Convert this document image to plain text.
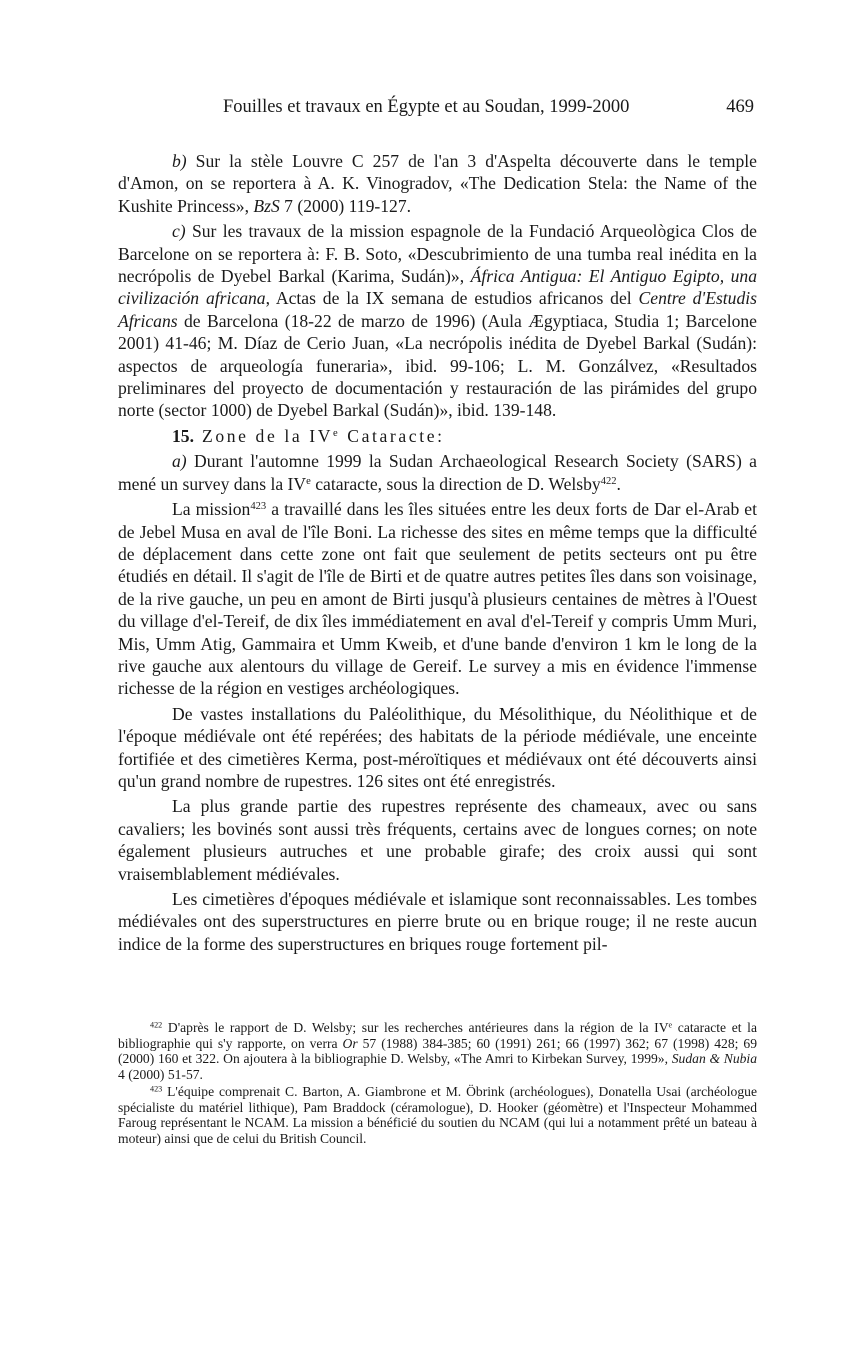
Fouilles et travaux en Égypte et au Soudan, 1999-2000	469

b) Sur la stèle Louvre C 257 de l'an 3 d'Aspelta découverte dans le temple d'Amon, on se reportera à A. K. Vinogradov, «The Dedication Stela: the Name of the Kushite Princess», BzS 7 (2000) 119-127.

c) Sur les travaux de la mission espagnole de la Fundació Arqueològica Clos de Barcelone on se reportera à: F. B. Soto, «Descubrimiento de una tumba real inédita en la necrópolis de Dyebel Barkal (Karima, Sudán)», África Antigua: El Antiguo Egipto, una civilización africana, Actas de la IX semana de estudios africanos del Centre d'Estudis Africans de Barcelona (18-22 de marzo de 1996) (Aula Ægyptiaca, Studia 1; Barcelone 2001) 41-46; M. Díaz de Cerio Juan, «La necrópolis inédita de Dyebel Barkal (Sudán): aspectos de arqueología funeraria», ibid. 99-106; L. M. Gonzálvez, «Resultados preliminares del proyecto de documentación y restauración de las pirámides del grupo norte (sector 1000) de Dyebel Barkal (Sudán)», ibid. 139-148.

15. Zone de la IVe Cataracte:

a) Durant l'automne 1999 la Sudan Archaeological Research Society (SARS) a mené un survey dans la IVe cataracte, sous la direction de D. Welsby$^{422}$.

La mission$^{423}$ a travaillé dans les îles situées entre les deux forts de Dar el-Arab et de Jebel Musa en aval de l'île Boni. La richesse des sites en même temps que la difficulté de déplacement dans cette zone ont fait que seulement de petits secteurs ont pu être étudiés en détail. Il s'agit de l'île de Birti et de quatre autres petites îles dans son voisinage, de la rive gauche, un peu en amont de Birti jusqu'à plusieurs centaines de mètres à l'Ouest du village d'el-Tereif, de dix îles immédiatement en aval d'el-Tereif y compris Umm Muri, Mis, Umm Atig, Gammaira et Umm Kweib, et d'une bande d'environ 1 km le long de la rive gauche aux alentours du village de Gereif. Le survey a mis en évidence l'immense richesse de la région en vestiges archéologiques.

De vastes installations du Paléolithique, du Mésolithique, du Néolithique et de l'époque médiévale ont été repérées; des habitats de la période médiévale, une enceinte fortifiée et des cimetières Kerma, post-méroïtiques et médiévaux ont été découverts ainsi qu'un grand nombre de rupestres. 126 sites ont été enregistrés.

La plus grande partie des rupestres représente des chameaux, avec ou sans cavaliers; les bovinés sont aussi très fréquents, certains avec de longues cornes; on note également plusieurs autruches et une probable girafe; des croix aussi qui sont vraisemblablement médiévales.

Les cimetières d'époques médiévale et islamique sont reconnaissables. Les tombes médiévales ont des superstructures en pierre brute ou en brique rouge; il ne reste aucun indice de la forme des superstructures en briques rouge fortement pil-

$^{422}$ D'après le rapport de D. Welsby; sur les recherches antérieures dans la région de la IVe cataracte et la bibliographie qui s'y rapporte, on verra Or 57 (1988) 384-385; 60 (1991) 261; 66 (1997) 362; 67 (1998) 428; 69 (2000) 160 et 322. On ajoutera à la bibliographie D. Welsby, «The Amri to Kirbekan Survey, 1999», Sudan & Nubia 4 (2000) 51-57.

$^{423}$ L'équipe comprenait C. Barton, A. Giambrone et M. Öbrink (archéologues), Donatella Usai (archéologue spécialiste du matériel lithique), Pam Braddock (céramologue), D. Hooker (géomètre) et l'Inspecteur Mohammed Faroug représentant le NCAM. La mission a bénéficié du soutien du NCAM (qui lui a notamment prêté un bateau à moteur) ainsi que de celui du British Council.
